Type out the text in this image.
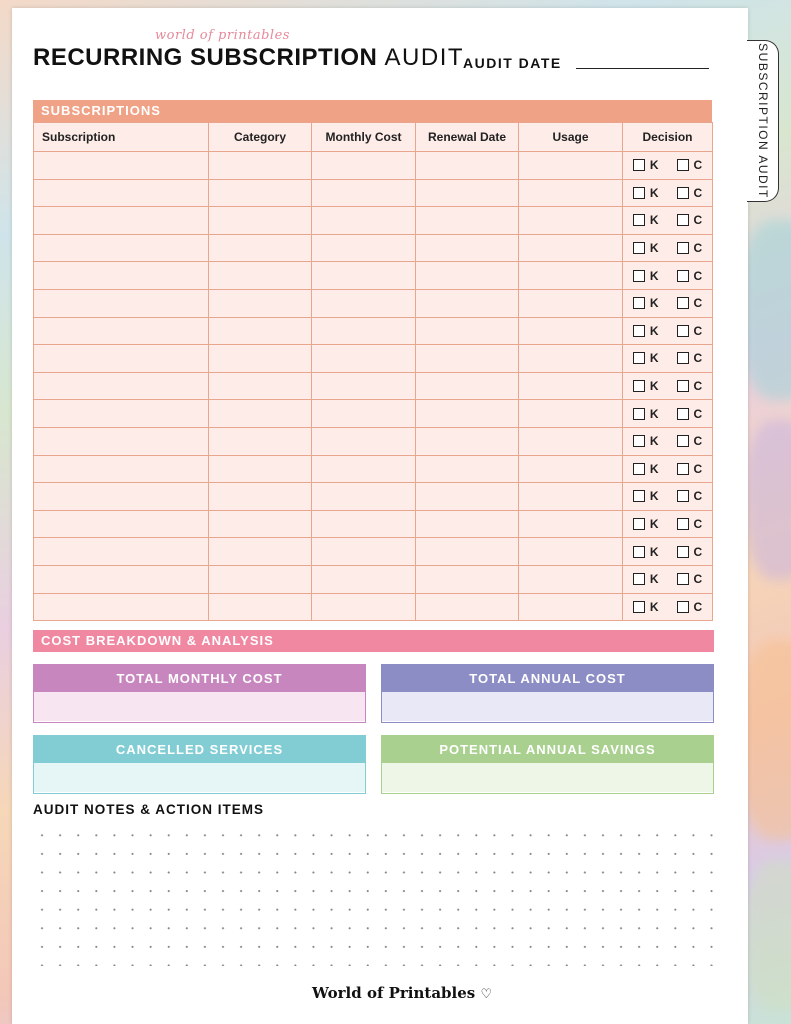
SUBSCRIPTION AUDIT
world of printables
RECURRING SUBSCRIPTION AUDIT
AUDIT DATE
SUBSCRIPTIONS
Subscription	Category	Monthly Cost	Renewal Date	Usage	Decision

					K C

					K C

					K C

					K C

					K C

					K C

					K C

					K C

					K C

					K C

					K C

					K C

					K C

					K C

					K C

					K C

					K C
COST BREAKDOWN & ANALYSIS
TOTAL MONTHLY COST	TOTAL ANNUAL COST
CANCELLED SERVICES	POTENTIAL ANNUAL SAVINGS
AUDIT NOTES & ACTION ITEMS
World of Printables ♡
